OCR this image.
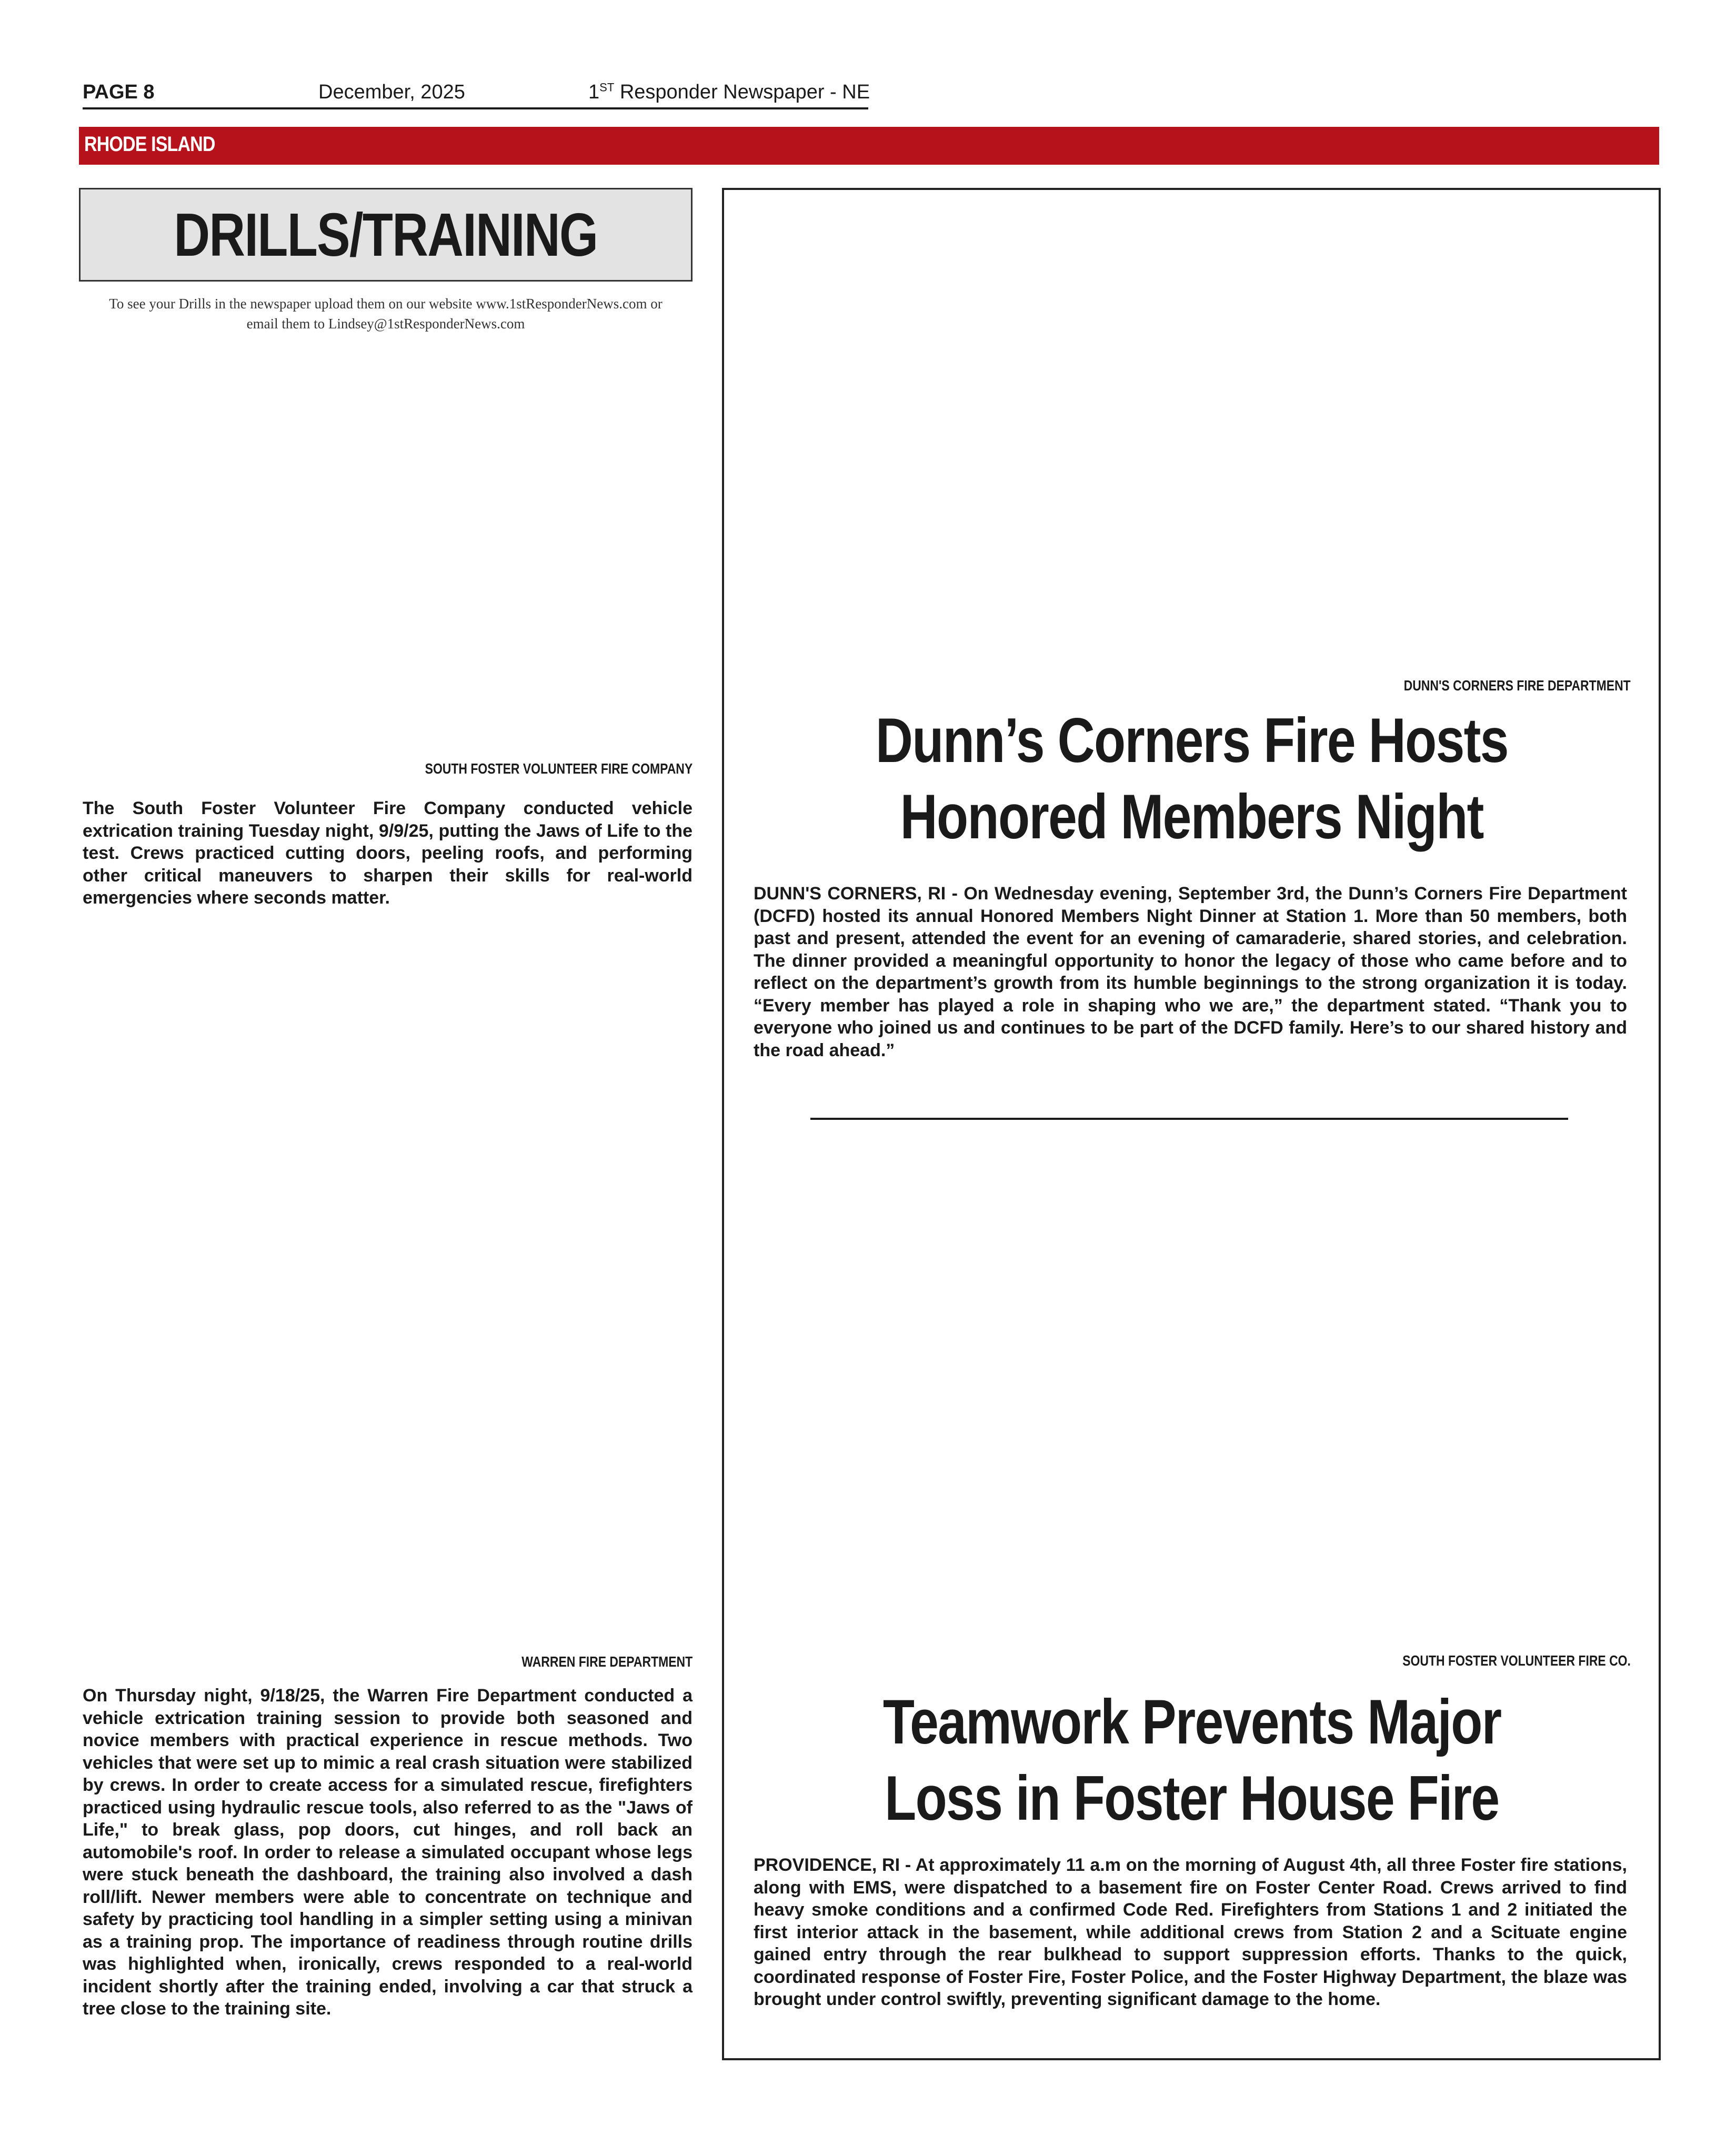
PAGE 8	December, 2025	1ST Responder Newspaper - NE
RHODE ISLAND
DRILLS/TRAINING
To see your Drills in the newspaper upload them on our website www.1stResponderNews.com or
email them to Lindsey@1stResponderNews.com
SOUTH FOSTER VOLUNTEER FIRE COMPANY
The South Foster Volunteer Fire Company conducted vehicle extrication training Tuesday night, 9/9/25, putting the Jaws of Life to the test. Crews practiced cutting doors, peeling roofs, and performing other critical maneuvers to sharpen their skills for real-world emergencies where seconds matter.
WARREN FIRE DEPARTMENT
On Thursday night, 9/18/25, the Warren Fire Department conducted a vehicle extrication training session to provide both seasoned and novice members with practical experience in rescue methods. Two vehicles that were set up to mimic a real crash situation were stabilized by crews. In order to create access for a simulated rescue, firefighters practiced using hydraulic rescue tools, also referred to as the "Jaws of Life," to break glass, pop doors, cut hinges, and roll back an automobile's roof. In order to release a simulated occupant whose legs were stuck beneath the dashboard, the training also involved a dash roll/lift. Newer members were able to concentrate on technique and safety by practicing tool handling in a simpler setting using a minivan as a training prop. The importance of readiness through routine drills was highlighted when, ironically, crews responded to a real-world incident shortly after the training ended, involving a car that struck a tree close to the training site.
DUNN'S CORNERS FIRE DEPARTMENT
Dunn’s Corners Fire Hosts
Honored Members Night
DUNN'S CORNERS, RI - On Wednesday evening, September 3rd, the Dunn’s Corners Fire Department (DCFD) hosted its annual Honored Members Night Dinner at Station 1. More than 50 members, both past and present, attended the event for an evening of camaraderie, shared stories, and celebration. The dinner provided a meaningful opportunity to honor the legacy of those who came before and to reflect on the department’s growth from its humble beginnings to the strong organization it is today. “Every member has played a role in shaping who we are,” the department stated. “Thank you to everyone who joined us and continues to be part of the DCFD family. Here’s to our shared history and the road ahead.”
SOUTH FOSTER VOLUNTEER FIRE CO.
Teamwork Prevents Major
Loss in Foster House Fire
PROVIDENCE, RI - At approximately 11 a.m on the morning of August 4th, all three Foster fire stations, along with EMS, were dispatched to a basement fire on Foster Center Road. Crews arrived to find heavy smoke conditions and a confirmed Code Red. Firefighters from Stations 1 and 2 initiated the first interior attack in the basement, while additional crews from Station 2 and a Scituate engine gained entry through the rear bulkhead to support suppression efforts. Thanks to the quick, coordinated response of Foster Fire, Foster Police, and the Foster Highway Department, the blaze was brought under control swiftly, preventing significant damage to the home.
